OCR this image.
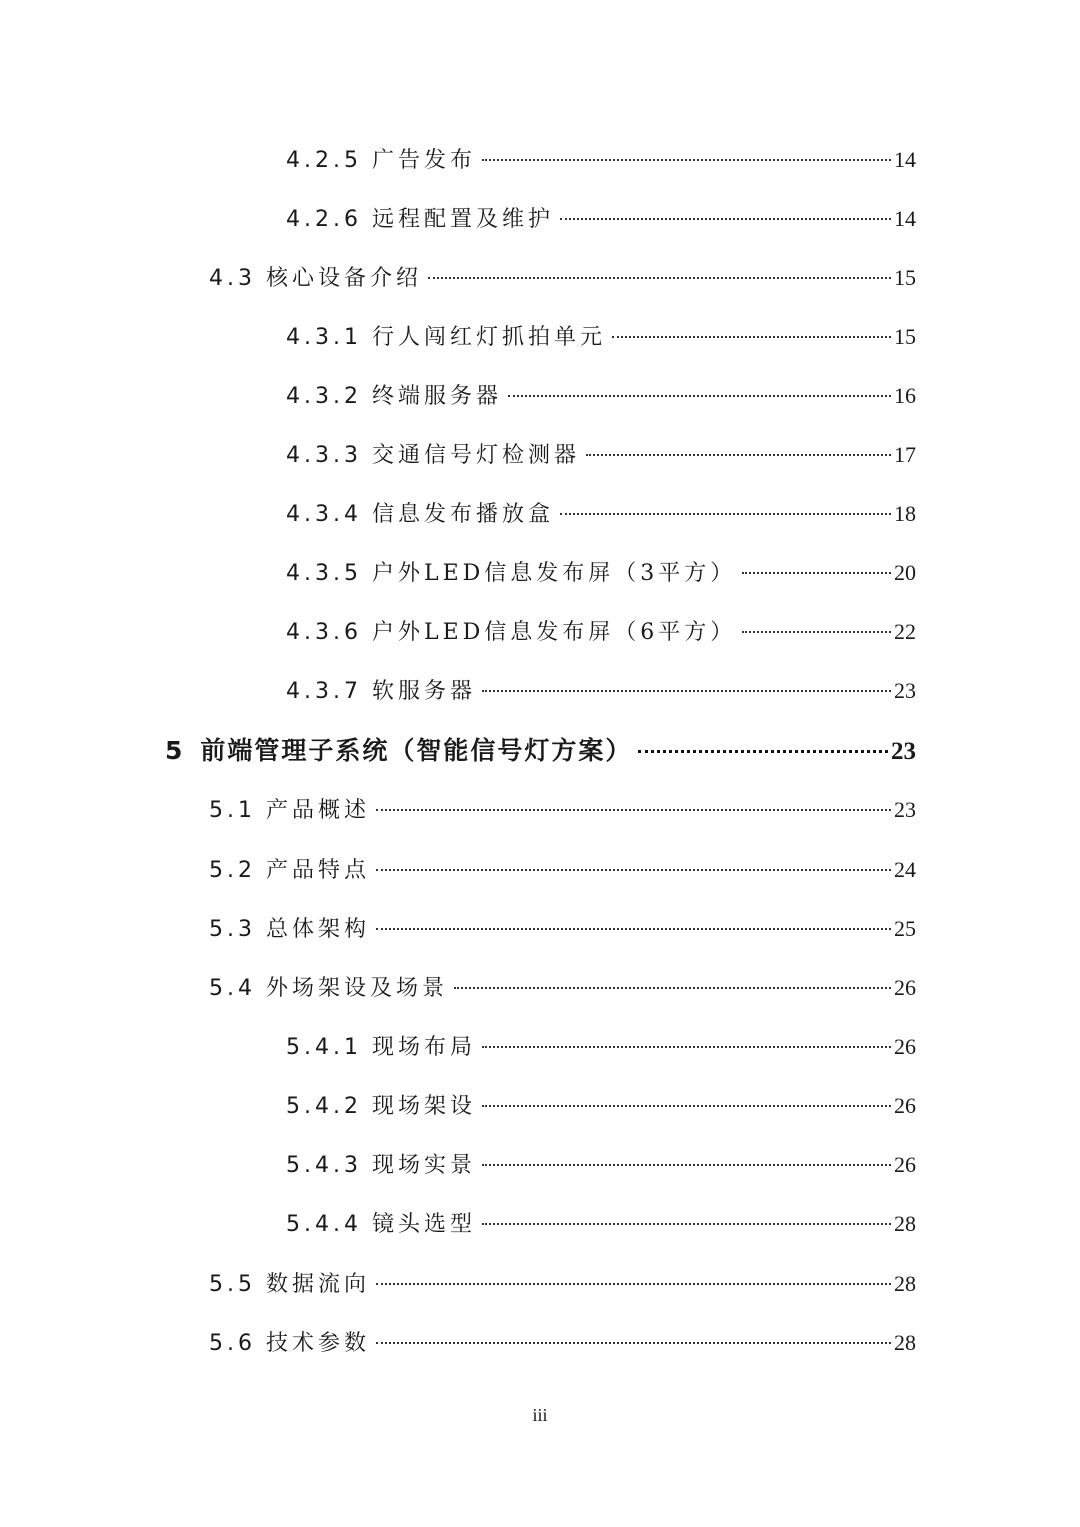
4.2.5 广告发布	14
4.2.6 远程配置及维护	14
4.3 核心设备介绍	15
4.3.1 行人闯红灯抓拍单元	15
4.3.2 终端服务器	16
4.3.3 交通信号灯检测器	17
4.3.4 信息发布播放盒	18
4.3.5 户外LED信息发布屏（3平方）	20
4.3.6 户外LED信息发布屏（6平方）	22
4.3.7 软服务器	23
5 前端管理子系统（智能信号灯方案）	23
5.1 产品概述	23
5.2 产品特点	24
5.3 总体架构	25
5.4 外场架设及场景	26
5.4.1 现场布局	26
5.4.2 现场架设	26
5.4.3 现场实景	26
5.4.4 镜头选型	28
5.5 数据流向	28
5.6 技术参数	28
iii
